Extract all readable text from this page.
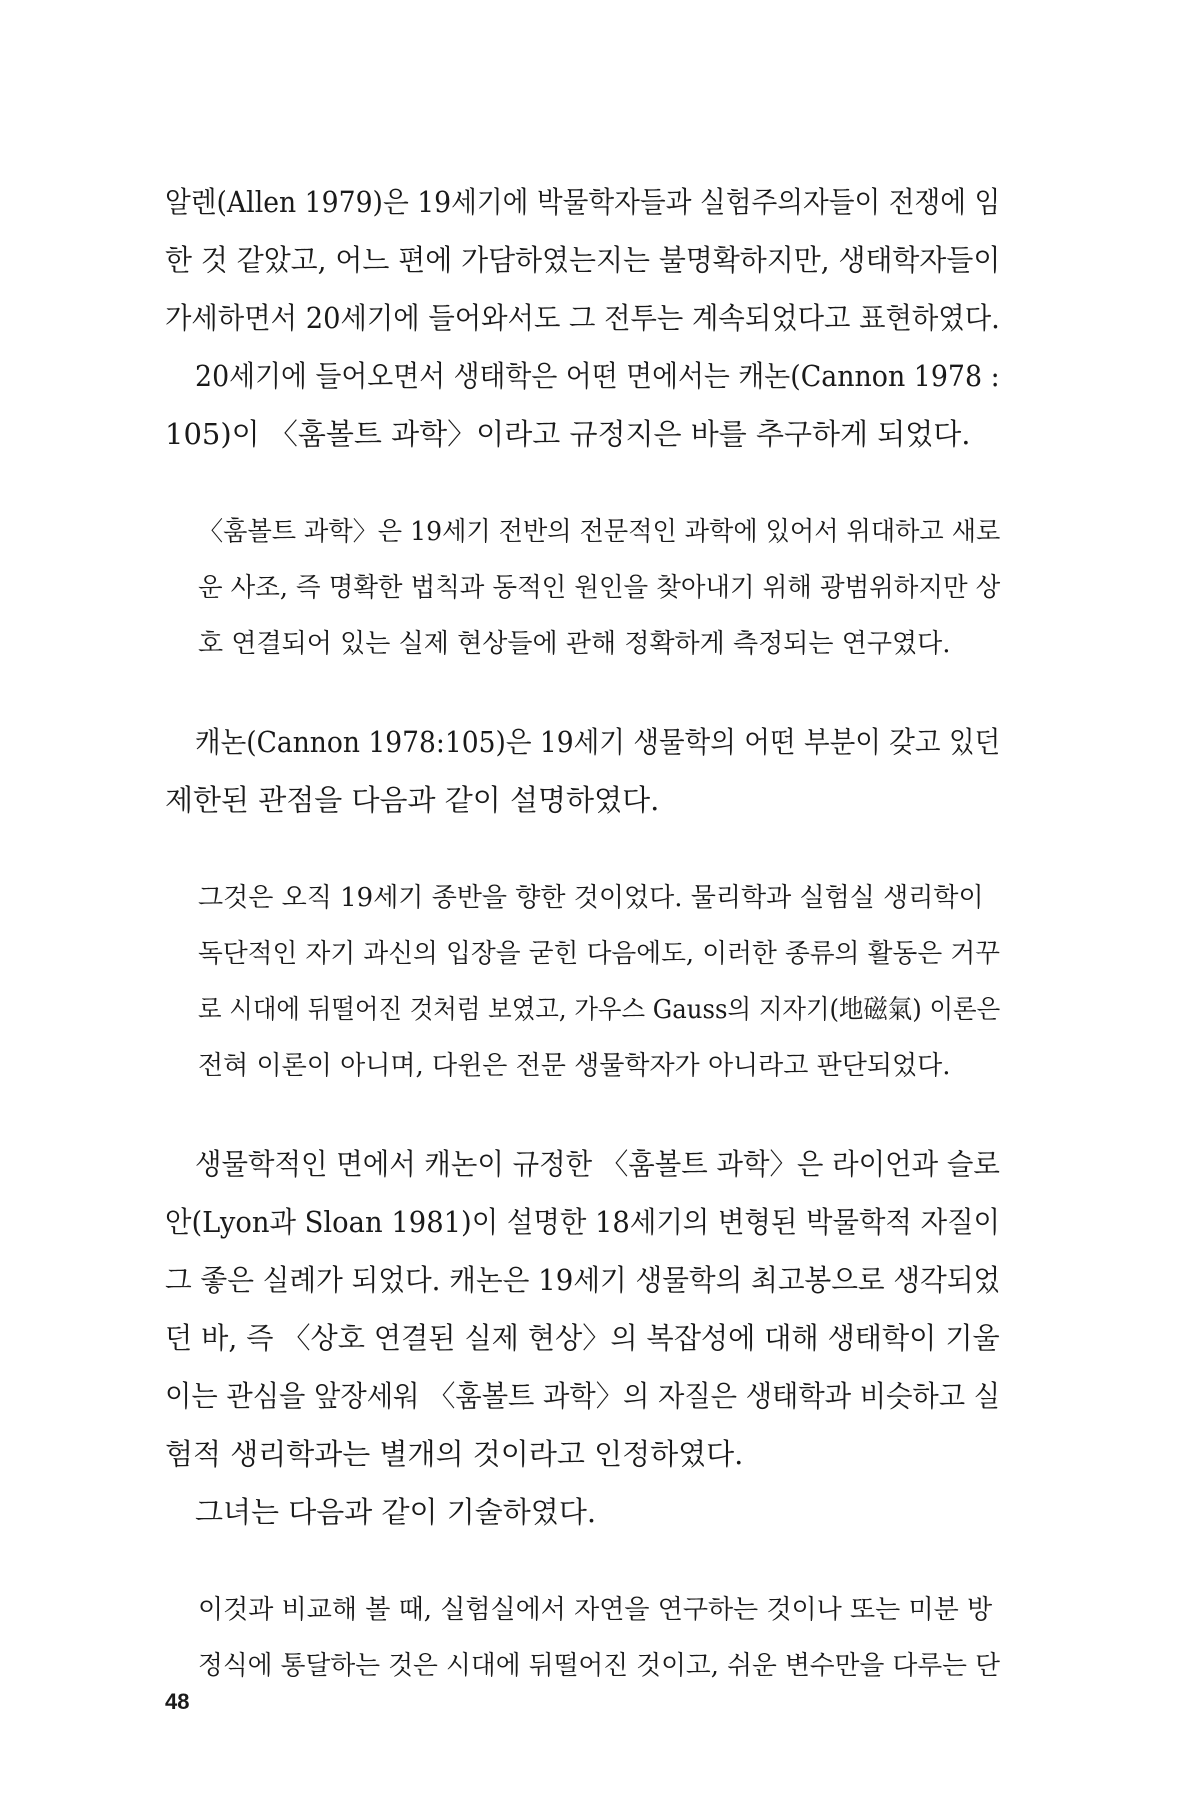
알렌(Allen 1979)은 19세기에 박물학자들과 실험주의자들이 전쟁에 임
한 것 같았고, 어느 편에 가담하였는지는 불명확하지만, 생태학자들이
가세하면서 20세기에 들어와서도 그 전투는 계속되었다고 표현하였다.
20세기에 들어오면서 생태학은 어떤 면에서는 캐논(Cannon 1978 :
105)이 〈훔볼트 과학〉이라고 규정지은 바를 추구하게 되었다.
〈훔볼트 과학〉은 19세기 전반의 전문적인 과학에 있어서 위대하고 새로
운 사조, 즉 명확한 법칙과 동적인 원인을 찾아내기 위해 광범위하지만 상
호 연결되어 있는 실제 현상들에 관해 정확하게 측정되는 연구였다.
캐논(Cannon 1978:105)은 19세기 생물학의 어떤 부분이 갖고 있던
제한된 관점을 다음과 같이 설명하였다.
그것은 오직 19세기 종반을 향한 것이었다. 물리학과 실험실 생리학이
독단적인 자기 과신의 입장을 굳힌 다음에도, 이러한 종류의 활동은 거꾸
로 시대에 뒤떨어진 것처럼 보였고, 가우스 Gauss의 지자기(地磁氣) 이론은
전혀 이론이 아니며, 다윈은 전문 생물학자가 아니라고 판단되었다.
생물학적인 면에서 캐논이 규정한 〈훔볼트 과학〉은 라이언과 슬로
안(Lyon과 Sloan 1981)이 설명한 18세기의 변형된 박물학적 자질이
그 좋은 실례가 되었다. 캐논은 19세기 생물학의 최고봉으로 생각되었
던 바, 즉 〈상호 연결된 실제 현상〉의 복잡성에 대해 생태학이 기울
이는 관심을 앞장세워 〈훔볼트 과학〉의 자질은 생태학과 비슷하고 실
험적 생리학과는 별개의 것이라고 인정하였다.
그녀는 다음과 같이 기술하였다.
이것과 비교해 볼 때, 실험실에서 자연을 연구하는 것이나 또는 미분 방
48
정식에 통달하는 것은 시대에 뒤떨어진 것이고, 쉬운 변수만을 다루는 단
